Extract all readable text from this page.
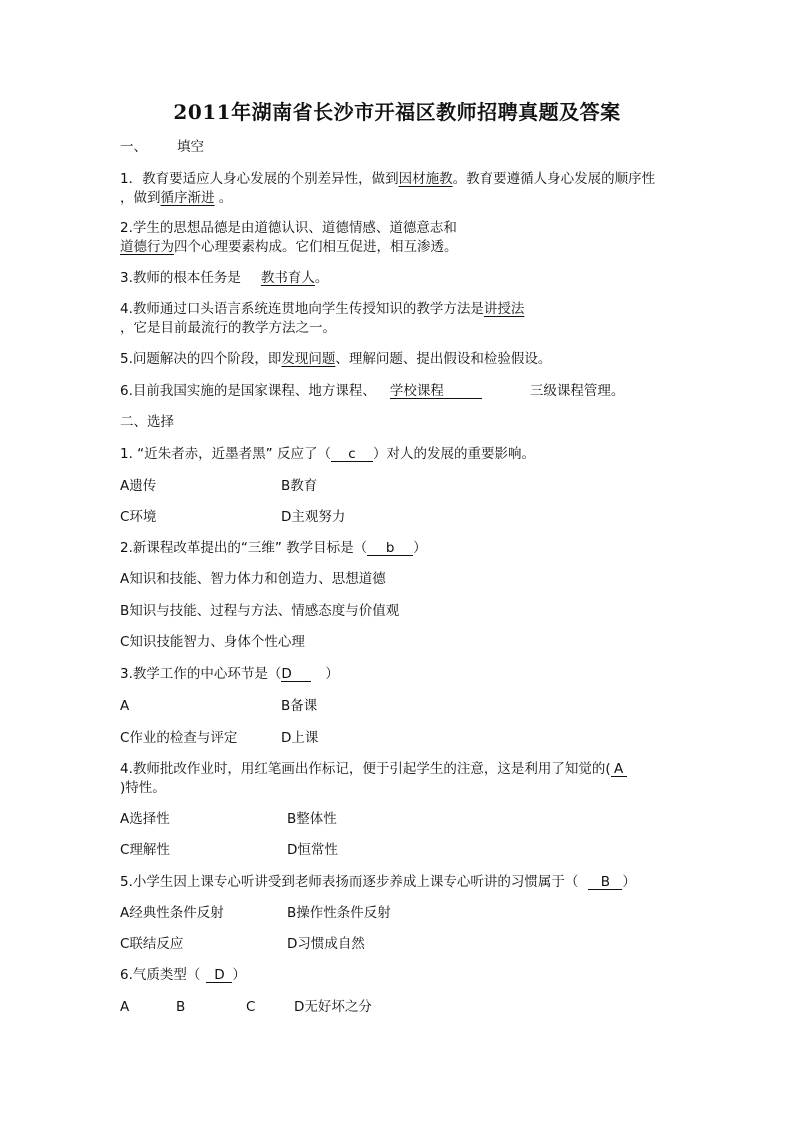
2011年湖南省长沙市开福区教师招聘真题及答案
一、 填空
1．教育要适应人身心发展的个别差异性，做到因材施教。教育要遵循人身心发展的顺序性
，做到循序渐进 。
2.学生的思想品德是由道德认识、道德情感、道德意志和
道德行为四个心理要素构成。它们相互促进，相互渗透。
3.教师的根本任务是 教书育人。
4.教师通过口头语言系统连贯地向学生传授知识的教学方法是讲授法
，它是目前最流行的教学方法之一。
5.问题解决的四个阶段，即发现问题、理解问题、提出假设和检验假设。
6.目前我国实施的是国家课程、地方课程、 学校课程	三级课程管理。
二、选择
1. “近朱者赤，近墨者黑” 反应了（ c ）对人的发展的重要影响。
A遗传	B教育
C环境	D主观努力
2.新课程改革提出的“三维” 教学目标是（ b ）
A知识和技能、智力体力和创造力、思想道德
B知识与技能、过程与方法、情感态度与价值观
C知识技能智力、身体个性心理
3.教学工作的中心环节是（D ）
A	B备课
C作业的检查与评定	D上课
4.教师批改作业时，用红笔画出作标记，便于引起学生的注意，这是利用了知觉的( A
)特性。
A选择性	B整体性
C理解性	D恒常性
5.小学生因上课专心听讲受到老师表扬而逐步养成上课专心听讲的习惯属于（ B ）
A经典性条件反射	B操作性条件反射
C联结反应	D习惯成自然
6.气质类型（ D ）
A	B	C	D无好坏之分
